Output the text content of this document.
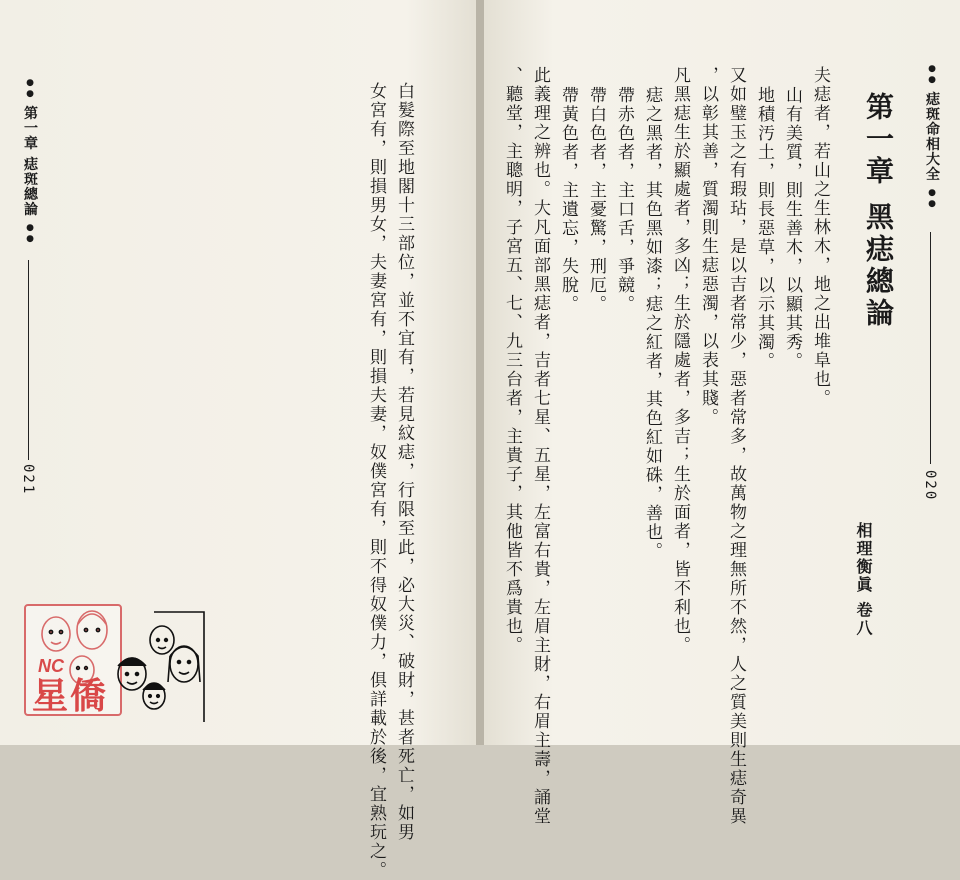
●● 第一章 痣斑總論 ●●
021	白髮際至地閣十三部位，並不宜有，若見紋痣，行限至此，必大災、破財，甚者死亡，如男
女宮有，則損男女，夫妻宮有，則損夫妻，奴僕宮有，則不得奴僕力，俱詳載於後，宜熟玩之。
NC
星僑
●● 痣斑命相大全 ●●
020
第一章 黑痣總論
相理衡眞 卷八
夫痣者，若山之生林木，地之出堆阜也。
山有美質，則生善木，以顯其秀。
地積汚土，則長惡草，以示其濁。
又如璧玉之有瑕玷，是以吉者常少，惡者常多，故萬物之理無所不然，人之質美則生痣奇異
，以彰其善，質濁則生痣惡濁，以表其賤。
凡黑痣生於顯處者，多凶；生於隱處者，多吉；生於面者，皆不利也。
痣之黑者，其色黑如漆；痣之紅者，其色紅如硃，善也。
帶赤色者，主口舌，爭競。
帶白色者，主憂驚，刑厄。
帶黃色者，主遺忘，失脫。
此義理之辨也。大凡面部黑痣者，吉者七星、五星，左富右貴，左眉主財，右眉主壽，誦堂
、聽堂，主聰明，子宮五、七、九三台者，主貴子，其他皆不爲貴也。
